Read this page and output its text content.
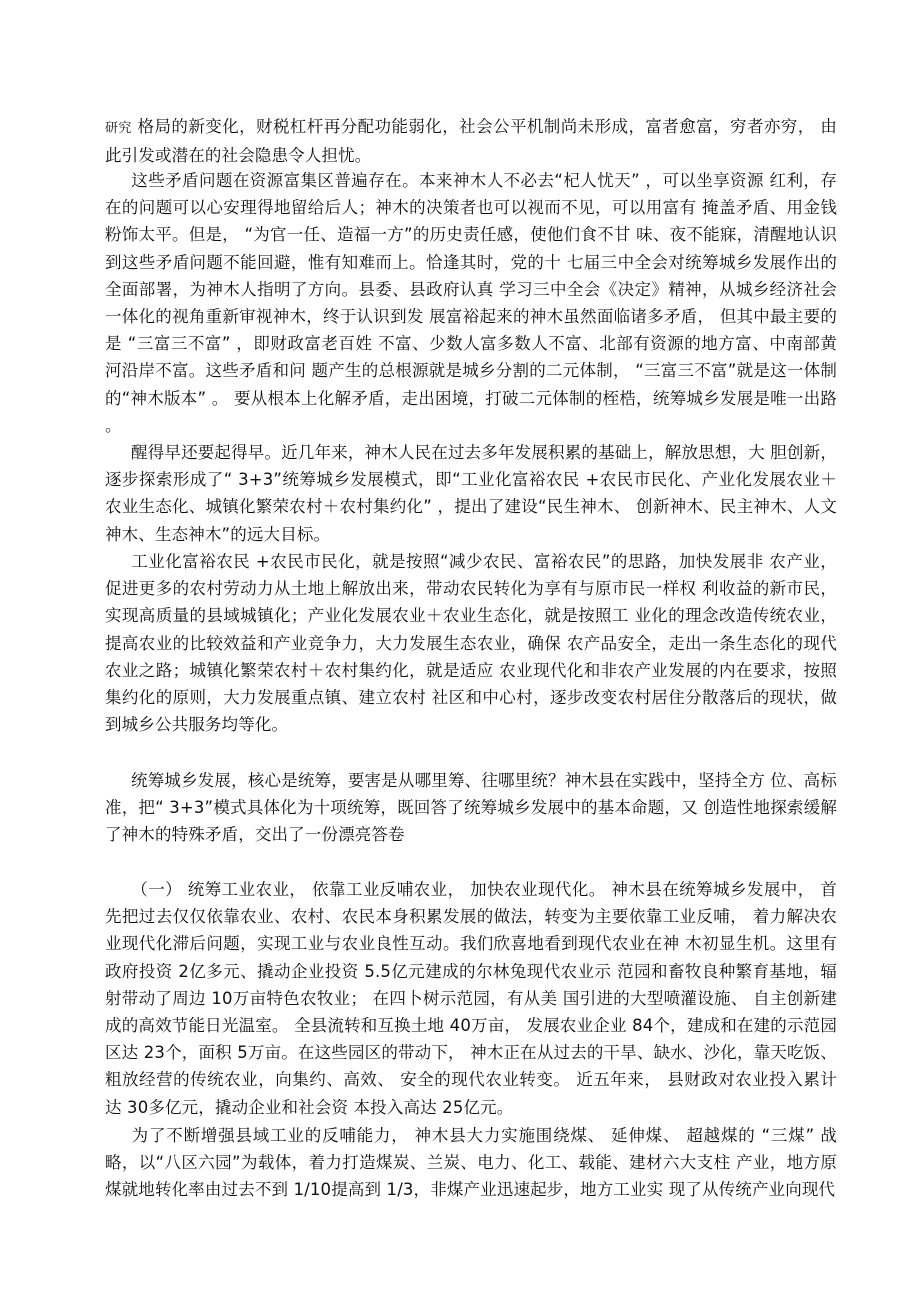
研究 格局的新变化，财税杠杆再分配功能弱化，社会公平机制尚未形成，富者愈富，穷者亦穷， 由此引发或潜在的社会隐患令人担忧。

这些矛盾问题在资源富集区普遍存在。本来神木人不必去“杞人忧天” ，可以坐享资源 红利，存在的问题可以心安理得地留给后人；神木的决策者也可以视而不见，可以用富有 掩盖矛盾、用金钱粉饰太平。但是， “为官一任、造福一方”的历史责任感，使他们食不甘 味、夜不能寐，清醒地认识到这些矛盾问题不能回避，惟有知难而上。恰逢其时，党的十 七届三中全会对统筹城乡发展作出的全面部署，为神木人指明了方向。县委、县政府认真 学习三中全会《决定》精神，从城乡经济社会一体化的视角重新审视神木，终于认识到发 展富裕起来的神木虽然面临诸多矛盾， 但其中最主要的是 “三富三不富” ，即财政富老百姓 不富、少数人富多数人不富、北部有资源的地方富、中南部黄河沿岸不富。这些矛盾和问 题产生的总根源就是城乡分割的二元体制， “三富三不富”就是这一体制的“神木版本” 。 要从根本上化解矛盾，走出困境，打破二元体制的桎梏，统筹城乡发展是唯一出路 。

醒得早还要起得早。近几年来，神木人民在过去多年发展积累的基础上，解放思想，大 胆创新，逐步探索形成了“ 3+3”统筹城乡发展模式，即“工业化富裕农民 +农民市民化、产业化发展农业＋农业生态化、城镇化繁荣农村＋农村集约化” ，提出了建设“民生神木、 创新神木、民主神木、人文神木、生态神木”的远大目标。

工业化富裕农民 +农民市民化，就是按照“减少农民、富裕农民”的思路，加快发展非 农产业，促进更多的农村劳动力从土地上解放出来，带动农民转化为享有与原市民一样权 利收益的新市民，实现高质量的县域城镇化；产业化发展农业＋农业生态化，就是按照工 业化的理念改造传统农业，提高农业的比较效益和产业竞争力，大力发展生态农业，确保 农产品安全，走出一条生态化的现代农业之路；城镇化繁荣农村＋农村集约化，就是适应 农业现代化和非农产业发展的内在要求，按照集约化的原则，大力发展重点镇、建立农村 社区和中心村，逐步改变农村居住分散落后的现状，做到城乡公共服务均等化。

统筹城乡发展，核心是统筹，要害是从哪里筹、往哪里统？神木县在实践中，坚持全方 位、高标准，把“ 3+3”模式具体化为十项统筹，既回答了统筹城乡发展中的基本命题，又 创造性地探索缓解了神木的特殊矛盾，交出了一份漂亮答卷

（一） 统筹工业农业， 依靠工业反哺农业， 加快农业现代化。 神木县在统筹城乡发展中， 首先把过去仅仅依靠农业、农村、农民本身积累发展的做法，转变为主要依靠工业反哺， 着力解决农业现代化滞后问题，实现工业与农业良性互动。我们欣喜地看到现代农业在神 木初显生机。这里有政府投资 2亿多元、撬动企业投资 5.5亿元建成的尔林兔现代农业示 范园和畜牧良种繁育基地，辐射带动了周边 10万亩特色农牧业； 在四卜树示范园，有从美 国引进的大型喷灌设施、 自主创新建成的高效节能日光温室。 全县流转和互换土地 40万亩， 发展农业企业 84个，建成和在建的示范园区达 23个，面积 5万亩。在这些园区的带动下， 神木正在从过去的干旱、缺水、沙化，靠天吃饭、粗放经营的传统农业，向集约、高效、 安全的现代农业转变。 近五年来， 县财政对农业投入累计达 30多亿元，撬动企业和社会资 本投入高达 25亿元。

为了不断增强县域工业的反哺能力， 神木县大力实施围绕煤、 延伸煤、 超越煤的 “三煤” 战略，以“八区六园”为载体，着力打造煤炭、兰炭、电力、化工、载能、建材六大支柱 产业，地方原煤就地转化率由过去不到 1/10提高到 1/3，非煤产业迅速起步，地方工业实 现了从传统产业向现代
